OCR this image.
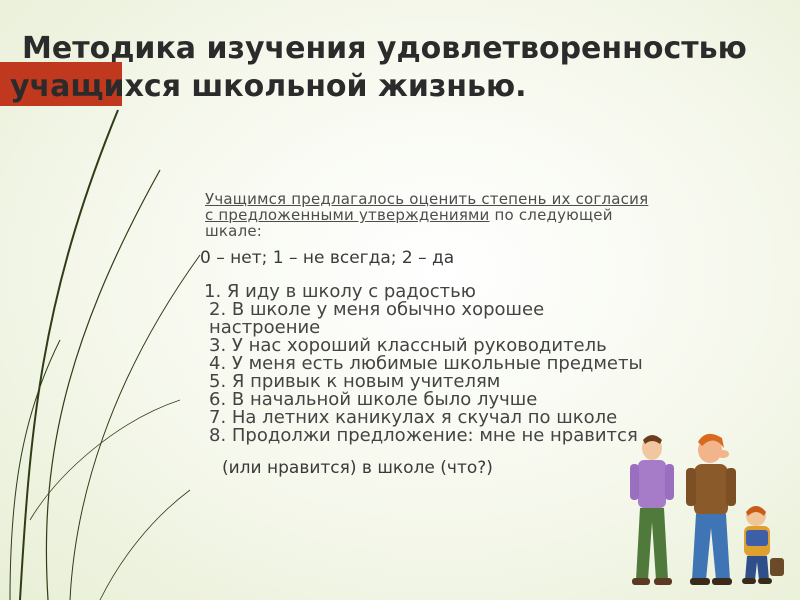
Методика изучения удовлетворенностью
учащихся школьной жизнью.

Учащимся предлагалось оценить степень их согласия
с предложенными утверждениями по следующей
шкале:

0 – нет; 1 – не всегда; 2 – да

1. Я иду в школу с радостью
2. В школе у меня обычно хорошее
настроение
3. У нас хороший классный руководитель
4. У меня есть любимые школьные предметы
5. Я привык к новым учителям
6. В начальной школе было лучше
7. На летних каникулах я скучал по школе
8. Продолжи предложение: мне не нравится

(или нравится) в школе (что?)
